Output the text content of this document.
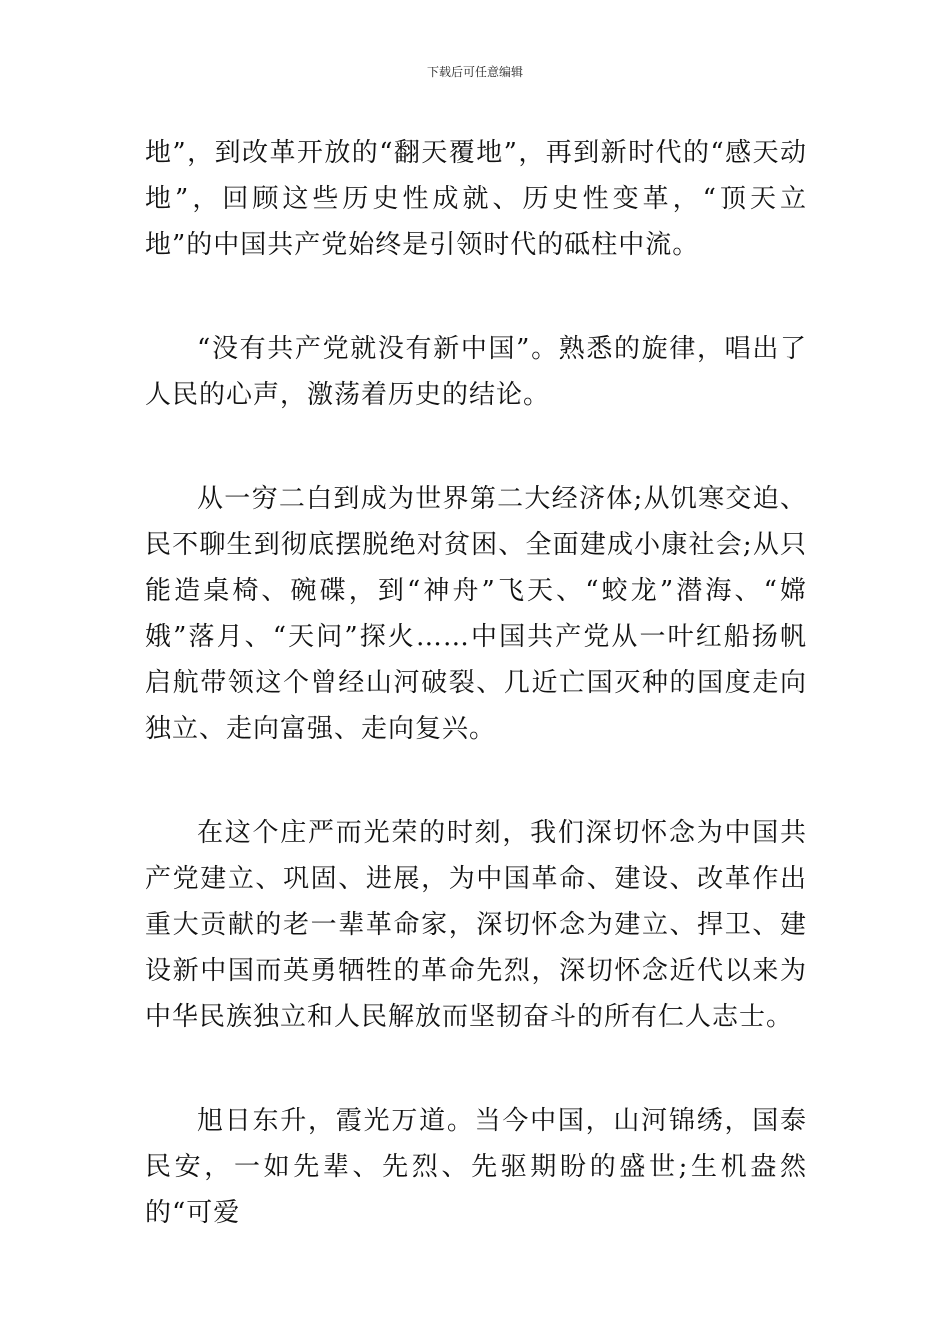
下载后可任意编辑

地”，到改革开放的“翻天覆地”，再到新时代的“感天动地”，回顾这些历史性成就、历史性变革，“顶天立地”的中国共产党始终是引领时代的砥柱中流。

“没有共产党就没有新中国”。熟悉的旋律，唱出了人民的心声，激荡着历史的结论。

从一穷二白到成为世界第二大经济体;从饥寒交迫、民不聊生到彻底摆脱绝对贫困、全面建成小康社会;从只能造桌椅、碗碟，到“神舟”飞天、“蛟龙”潜海、“嫦娥”落月、“天问”探火……中国共产党从一叶红船扬帆启航带领这个曾经山河破裂、几近亡国灭种的国度走向独立、走向富强、走向复兴。

在这个庄严而光荣的时刻，我们深切怀念为中国共产党建立、巩固、进展，为中国革命、建设、改革作出重大贡献的老一辈革命家，深切怀念为建立、捍卫、建设新中国而英勇牺牲的革命先烈，深切怀念近代以来为中华民族独立和人民解放而坚韧奋斗的所有仁人志士。

旭日东升，霞光万道。当今中国，山河锦绣，国泰民安，一如先辈、先烈、先驱期盼的盛世;生机盎然的“可爱
